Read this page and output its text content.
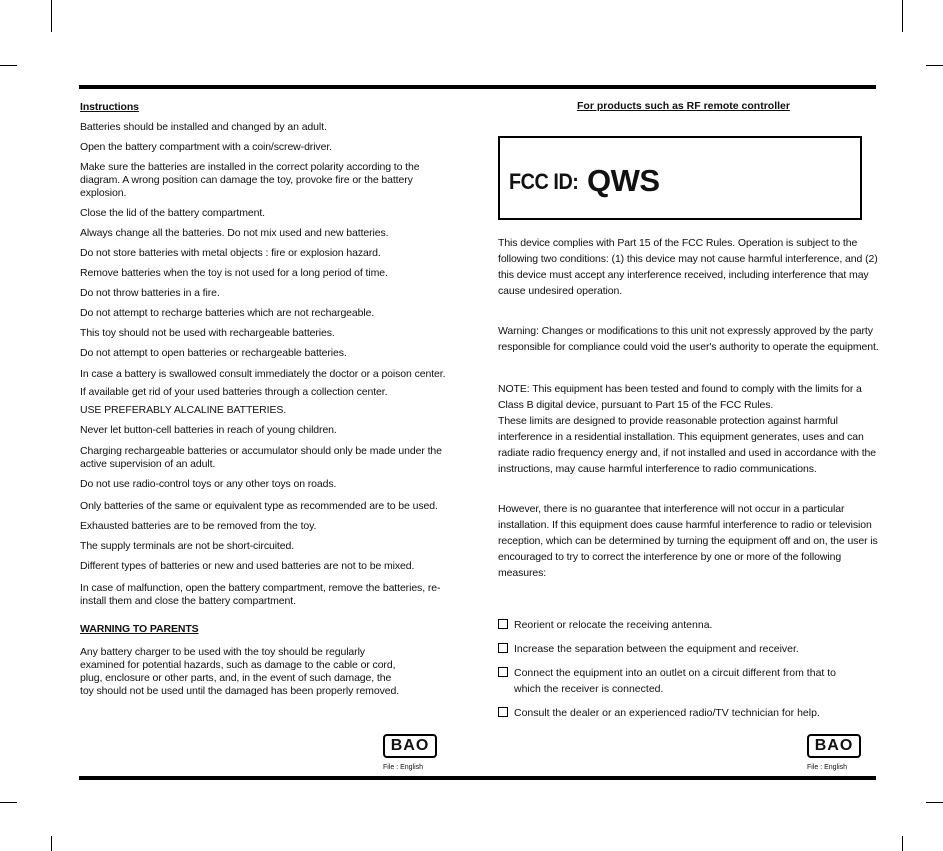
Instructions

Batteries should be installed and changed by an adult.

Open the battery compartment with a coin/screw-driver.

Make sure the batteries are installed in the correct polarity according to the diagram. A wrong position can damage the toy, provoke fire or the battery explosion.

Close the lid of the battery compartment.

Always change all the batteries. Do not mix used and new batteries.

Do not store batteries with metal objects : fire or explosion hazard.

Remove batteries when the toy is not used for a long period of time.

Do not throw batteries in a fire.

Do not attempt to recharge batteries which are not rechargeable.

This toy should not be used with rechargeable batteries.

Do not attempt to open batteries or rechargeable batteries.

In case a battery is swallowed consult immediately the doctor or a poison center.

If available get rid of your used batteries through a collection center.

USE PREFERABLY ALCALINE BATTERIES.

Never let button-cell batteries in reach of young children.

Charging rechargeable batteries or accumulator should only be made under the active supervision of an adult.

Do not use radio-control toys or any other toys on roads.

Only batteries of the same or equivalent type as recommended are to be used.

Exhausted batteries are to be removed from the toy.

The supply terminals are not be short-circuited.

Different types of batteries or new and used batteries are not to be mixed.

In case of malfunction, open the battery compartment, remove the batteries, re-install them and close the battery compartment.

WARNING TO PARENTS

Any battery charger to be used with the toy should be regularly examined for potential hazards, such as damage to the cable or cord, plug, enclosure or other parts, and, in the event of such damage, the toy should not be used until the damaged has been properly removed.

BAO
File : English
For products such as RF remote controller
FCC ID: QWS

This device complies with Part 15 of the FCC Rules. Operation is subject to the following two conditions: (1) this device may not cause harmful interference, and (2) this device must accept any interference received, including interference that may cause undesired operation.

Warning: Changes or modifications to this unit not expressly approved by the party responsible for compliance could void the user's authority to operate the equipment.

NOTE: This equipment has been tested and found to comply with the limits for a Class B digital device, pursuant to Part 15 of the FCC Rules.

These limits are designed to provide reasonable protection against harmful interference in a residential installation. This equipment generates, uses and can radiate radio frequency energy and, if not installed and used in accordance with the instructions, may cause harmful interference to radio communications.

However, there is no guarantee that interference will not occur in a particular installation. If this equipment does cause harmful interference to radio or television reception, which can be determined by turning the equipment off and on, the user is encouraged to try to correct the interference by one or more of the following measures:

Reorient or relocate the receiving antenna.
Increase the separation between the equipment and receiver.
Connect the equipment into an outlet on a circuit different from that to which the receiver is connected.
Consult the dealer or an experienced radio/TV technician for help.
BAO
File : English
